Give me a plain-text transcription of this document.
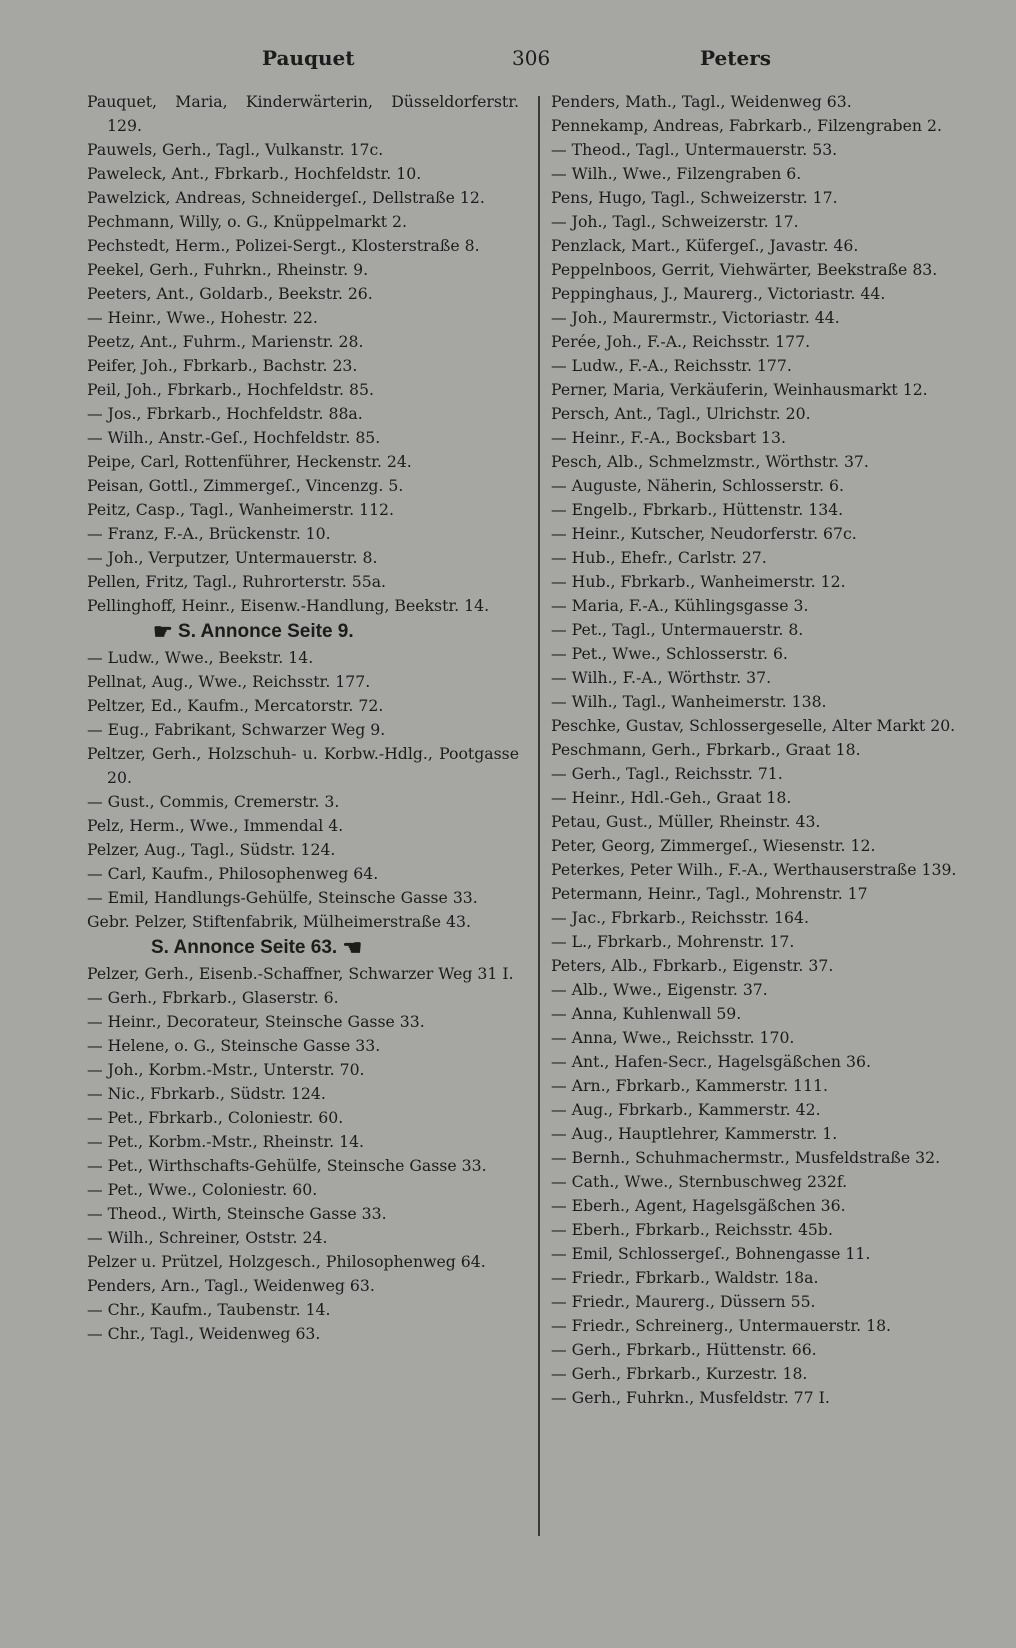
Pauquet	306	Peters
Pauquet, Maria, Kinderwärterin, Düsseldorferstr. 129.
Pauwels, Gerh., Tagl., Vulkanstr. 17c.
Paweleck, Ant., Fbrkarb., Hochfeldstr. 10.
Pawelzick, Andreas, Schneidergeſ., Dellstraße 12.
Pechmann, Willy, o. G., Knüppelmarkt 2.
Pechstedt, Herm., Polizei-Sergt., Klosterstraße 8.
Peekel, Gerh., Fuhrkn., Rheinstr. 9.
Peeters, Ant., Goldarb., Beekstr. 26.
— Heinr., Wwe., Hohestr. 22.
Peetz, Ant., Fuhrm., Marienstr. 28.
Peifer, Joh., Fbrkarb., Bachstr. 23.
Peil, Joh., Fbrkarb., Hochfeldstr. 85.
— Jos., Fbrkarb., Hochfeldstr. 88a.
— Wilh., Anstr.-Geſ., Hochfeldstr. 85.
Peipe, Carl, Rottenführer, Heckenstr. 24.
Peisan, Gottl., Zimmergeſ., Vincenzg. 5.
Peitz, Casp., Tagl., Wanheimerstr. 112.
— Franz, F.-A., Brückenstr. 10.
— Joh., Verputzer, Untermauerstr. 8.
Pellen, Fritz, Tagl., Ruhrorterstr. 55a.
Pellinghoff, Heinr., Eisenw.-Handlung, Beekstr. 14.
☛ S. Annonce Seite 9.
— Ludw., Wwe., Beekstr. 14.
Pellnat, Aug., Wwe., Reichsstr. 177.
Peltzer, Ed., Kaufm., Mercatorstr. 72.
— Eug., Fabrikant, Schwarzer Weg 9.
Peltzer, Gerh., Holzschuh- u. Korbw.-Hdlg., Pootgasse 20.
— Gust., Commis, Cremerstr. 3.
Pelz, Herm., Wwe., Immendal 4.
Pelzer, Aug., Tagl., Südstr. 124.
— Carl, Kaufm., Philosophenweg 64.
— Emil, Handlungs-Gehülfe, Steinsche Gasse 33.
Gebr. Pelzer, Stiftenfabrik, Mülheimerstraße 43.
S. Annonce Seite 63. ☚
Pelzer, Gerh., Eisenb.-Schaffner, Schwarzer Weg 31 I.
— Gerh., Fbrkarb., Glaserstr. 6.
— Heinr., Decorateur, Steinsche Gasse 33.
— Helene, o. G., Steinsche Gasse 33.
— Joh., Korbm.-Mstr., Unterstr. 70.
— Nic., Fbrkarb., Südstr. 124.
— Pet., Fbrkarb., Coloniestr. 60.
— Pet., Korbm.-Mstr., Rheinstr. 14.
— Pet., Wirthschafts-Gehülfe, Steinsche Gasse 33.
— Pet., Wwe., Coloniestr. 60.
— Theod., Wirth, Steinsche Gasse 33.
— Wilh., Schreiner, Oststr. 24.
Pelzer u. Prützel, Holzgesch., Philosophenweg 64.
Penders, Arn., Tagl., Weidenweg 63.
— Chr., Kaufm., Taubenstr. 14.
— Chr., Tagl., Weidenweg 63.
Penders, Math., Tagl., Weidenweg 63.
Pennekamp, Andreas, Fabrkarb., Filzengraben 2.
— Theod., Tagl., Untermauerstr. 53.
— Wilh., Wwe., Filzengraben 6.
Pens, Hugo, Tagl., Schweizerstr. 17.
— Joh., Tagl., Schweizerstr. 17.
Penzlack, Mart., Küfergeſ., Javastr. 46.
Peppelnboos, Gerrit, Viehwärter, Beekstraße 83.
Peppinghaus, J., Maurerg., Victoriastr. 44.
— Joh., Maurermstr., Victoriastr. 44.
Perée, Joh., F.-A., Reichsstr. 177.
— Ludw., F.-A., Reichsstr. 177.
Perner, Maria, Verkäuferin, Weinhausmarkt 12.
Persch, Ant., Tagl., Ulrichstr. 20.
— Heinr., F.-A., Bocksbart 13.
Pesch, Alb., Schmelzmstr., Wörthstr. 37.
— Auguste, Näherin, Schlosserstr. 6.
— Engelb., Fbrkarb., Hüttenstr. 134.
— Heinr., Kutscher, Neudorferstr. 67c.
— Hub., Ehefr., Carlstr. 27.
— Hub., Fbrkarb., Wanheimerstr. 12.
— Maria, F.-A., Kühlingsgasse 3.
— Pet., Tagl., Untermauerstr. 8.
— Pet., Wwe., Schlosserstr. 6.
— Wilh., F.-A., Wörthstr. 37.
— Wilh., Tagl., Wanheimerstr. 138.
Peschke, Gustav, Schlossergeselle, Alter Markt 20.
Peschmann, Gerh., Fbrkarb., Graat 18.
— Gerh., Tagl., Reichsstr. 71.
— Heinr., Hdl.-Geh., Graat 18.
Petau, Gust., Müller, Rheinstr. 43.
Peter, Georg, Zimmergeſ., Wiesenstr. 12.
Peterkes, Peter Wilh., F.-A., Werthauserstraße 139.
Petermann, Heinr., Tagl., Mohrenstr. 17
— Jac., Fbrkarb., Reichsstr. 164.
— L., Fbrkarb., Mohrenstr. 17.
Peters, Alb., Fbrkarb., Eigenstr. 37.
— Alb., Wwe., Eigenstr. 37.
— Anna, Kuhlenwall 59.
— Anna, Wwe., Reichsstr. 170.
— Ant., Hafen-Secr., Hagelsgäßchen 36.
— Arn., Fbrkarb., Kammerstr. 111.
— Aug., Fbrkarb., Kammerstr. 42.
— Aug., Hauptlehrer, Kammerstr. 1.
— Bernh., Schuhmachermstr., Musfeldstraße 32.
— Cath., Wwe., Sternbuschweg 232f.
— Eberh., Agent, Hagelsgäßchen 36.
— Eberh., Fbrkarb., Reichsstr. 45b.
— Emil, Schlossergeſ., Bohnengasse 11.
— Friedr., Fbrkarb., Waldstr. 18a.
— Friedr., Maurerg., Düssern 55.
— Friedr., Schreinerg., Untermauerstr. 18.
— Gerh., Fbrkarb., Hüttenstr. 66.
— Gerh., Fbrkarb., Kurzestr. 18.
— Gerh., Fuhrkn., Musfeldstr. 77 I.
